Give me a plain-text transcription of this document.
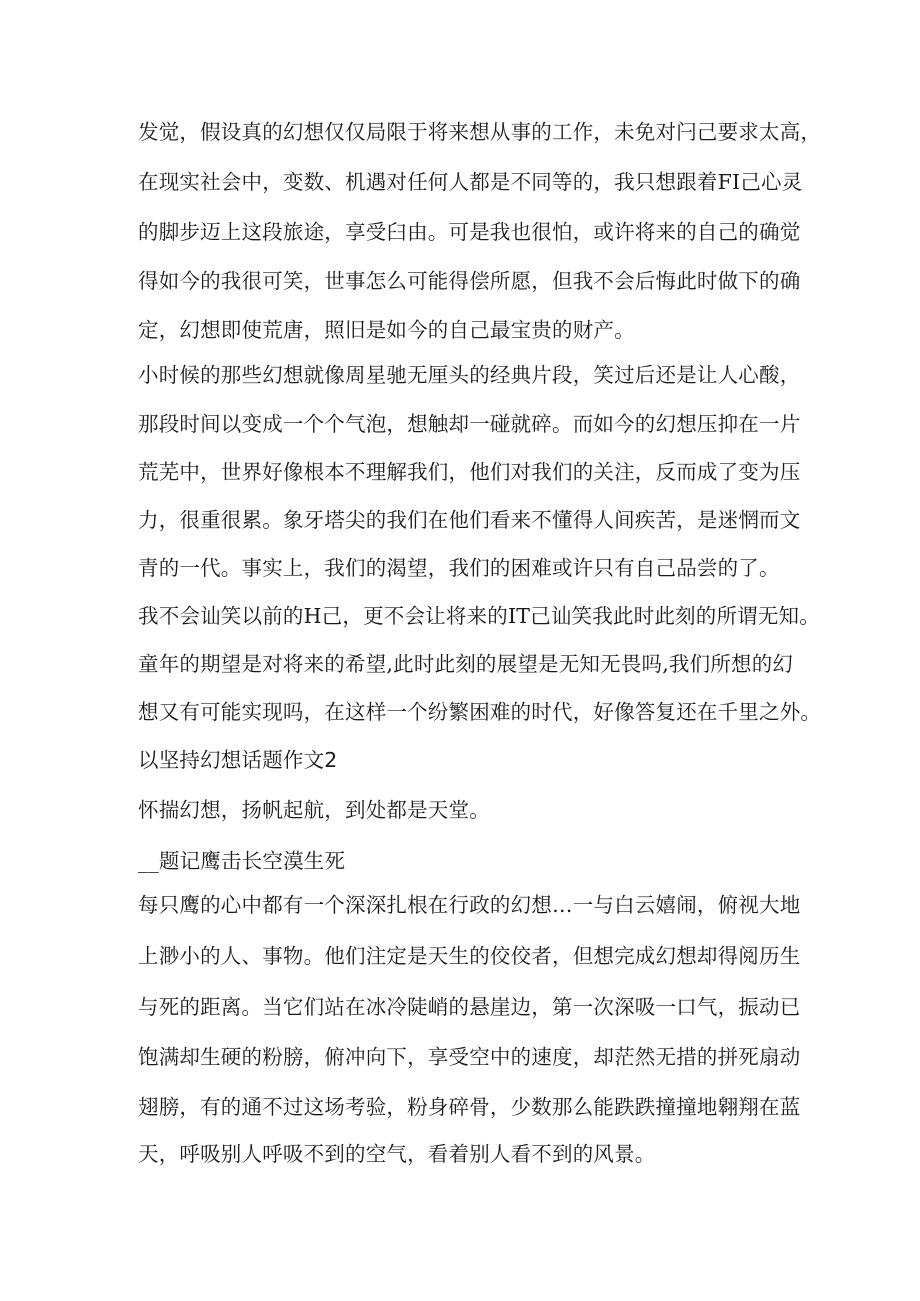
发觉，假设真的幻想仅仅局限于将来想从事的工作，未免对闩己要求太高，

在现实社会中，变数、机遇对任何人都是不同等的，我只想跟着FI己心灵

的脚步迈上这段旅途，享受臼由。可是我也很怕，或许将来的自己的确觉

得如今的我很可笑，世事怎么可能得偿所愿，但我不会后悔此时做下的确

定，幻想即使荒唐，照旧是如今的自己最宝贵的财产。

小时候的那些幻想就像周星驰无厘头的经典片段，笑过后还是让人心酸，

那段时间以变成一个个气泡，想触却一碰就碎。而如今的幻想压抑在一片

荒芜中，世界好像根本不理解我们，他们对我们的关注，反而成了变为压

力，很重很累。象牙塔尖的我们在他们看来不懂得人间疾苦，是迷惘而文

青的一代。事实上，我们的渴望，我们的困难或许只有自己品尝的了。

我不会讪笑以前的H己，更不会让将来的IT己讪笑我此时此刻的所谓无知。

童年的期望是对将来的希望,此时此刻的展望是无知无畏吗,我们所想的幻

想又有可能实现吗，在这样一个纷繁困难的时代，好像答复还在千里之外。

以坚持幻想话题作文2

怀揣幻想，扬帆起航，到处都是天堂。

__题记鹰击长空漠生死

每只鹰的心中都有一个深深扎根在行政的幻想…一与白云嬉闹，俯视大地

上渺小的人、事物。他们注定是天生的佼佼者，但想完成幻想却得阅历生

与死的距离。当它们站在冰冷陡峭的悬崖边，第一次深吸一口气，振动已

饱满却生硬的粉膀，俯冲向下，享受空中的速度，却茫然无措的拼死扇动

翅膀，有的通不过这场考验，粉身碎骨，少数那么能跌跌撞撞地翱翔在蓝

天，呼吸别人呼吸不到的空气，看着别人看不到的风景。
